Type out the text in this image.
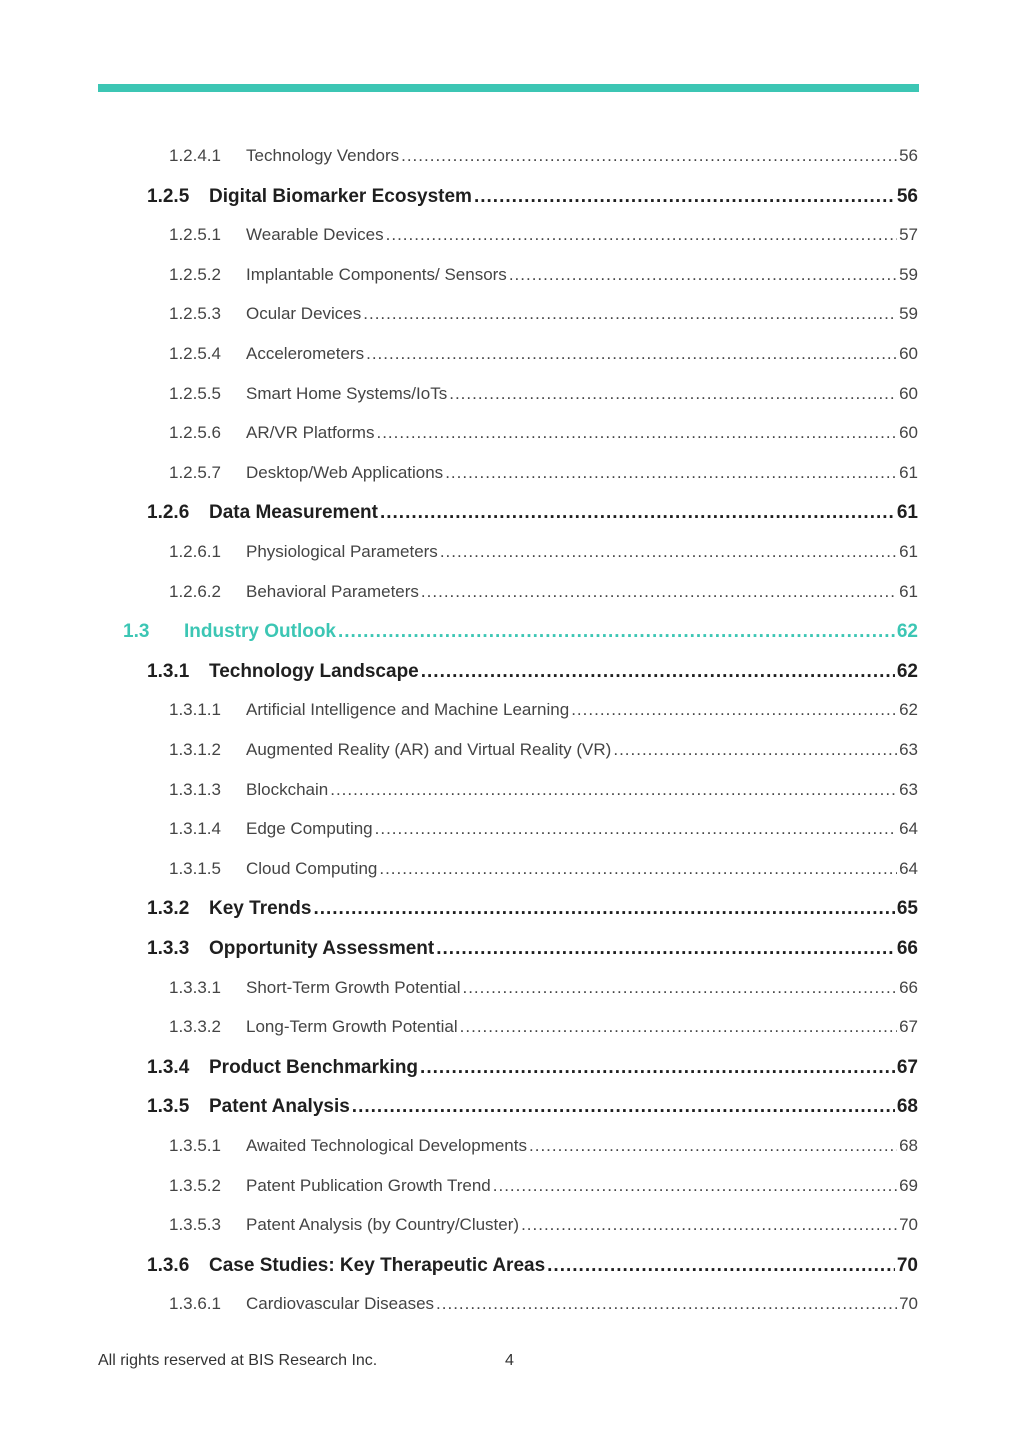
1.2.4.1	Technology Vendors .....	56
1.2.5	Digital Biomarker Ecosystem .....	56
1.2.5.1	Wearable Devices .....	57
1.2.5.2	Implantable Components/ Sensors .....	59
1.2.5.3	Ocular Devices .....	59
1.2.5.4	Accelerometers .....	60
1.2.5.5	Smart Home Systems/IoTs .....	60
1.2.5.6	AR/VR Platforms .....	60
1.2.5.7	Desktop/Web Applications .....	61
1.2.6	Data Measurement .....	61
1.2.6.1	Physiological Parameters .....	61
1.2.6.2	Behavioral Parameters .....	61
1.3	Industry Outlook .....	62
1.3.1	Technology Landscape .....	62
1.3.1.1	Artificial Intelligence and Machine Learning .....	62
1.3.1.2	Augmented Reality (AR) and Virtual Reality (VR) .....	63
1.3.1.3	Blockchain .....	63
1.3.1.4	Edge Computing .....	64
1.3.1.5	Cloud Computing .....	64
1.3.2	Key Trends .....	65
1.3.3	Opportunity Assessment .....	66
1.3.3.1	Short-Term Growth Potential .....	66
1.3.3.2	Long-Term Growth Potential .....	67
1.3.4	Product Benchmarking .....	67
1.3.5	Patent Analysis .....	68
1.3.5.1	Awaited Technological Developments .....	68
1.3.5.2	Patent Publication Growth Trend .....	69
1.3.5.3	Patent Analysis (by Country/Cluster) .....	70
1.3.6	Case Studies: Key Therapeutic Areas .....	70
1.3.6.1	Cardiovascular Diseases .....	70
All rights reserved at BIS Research Inc.	4
